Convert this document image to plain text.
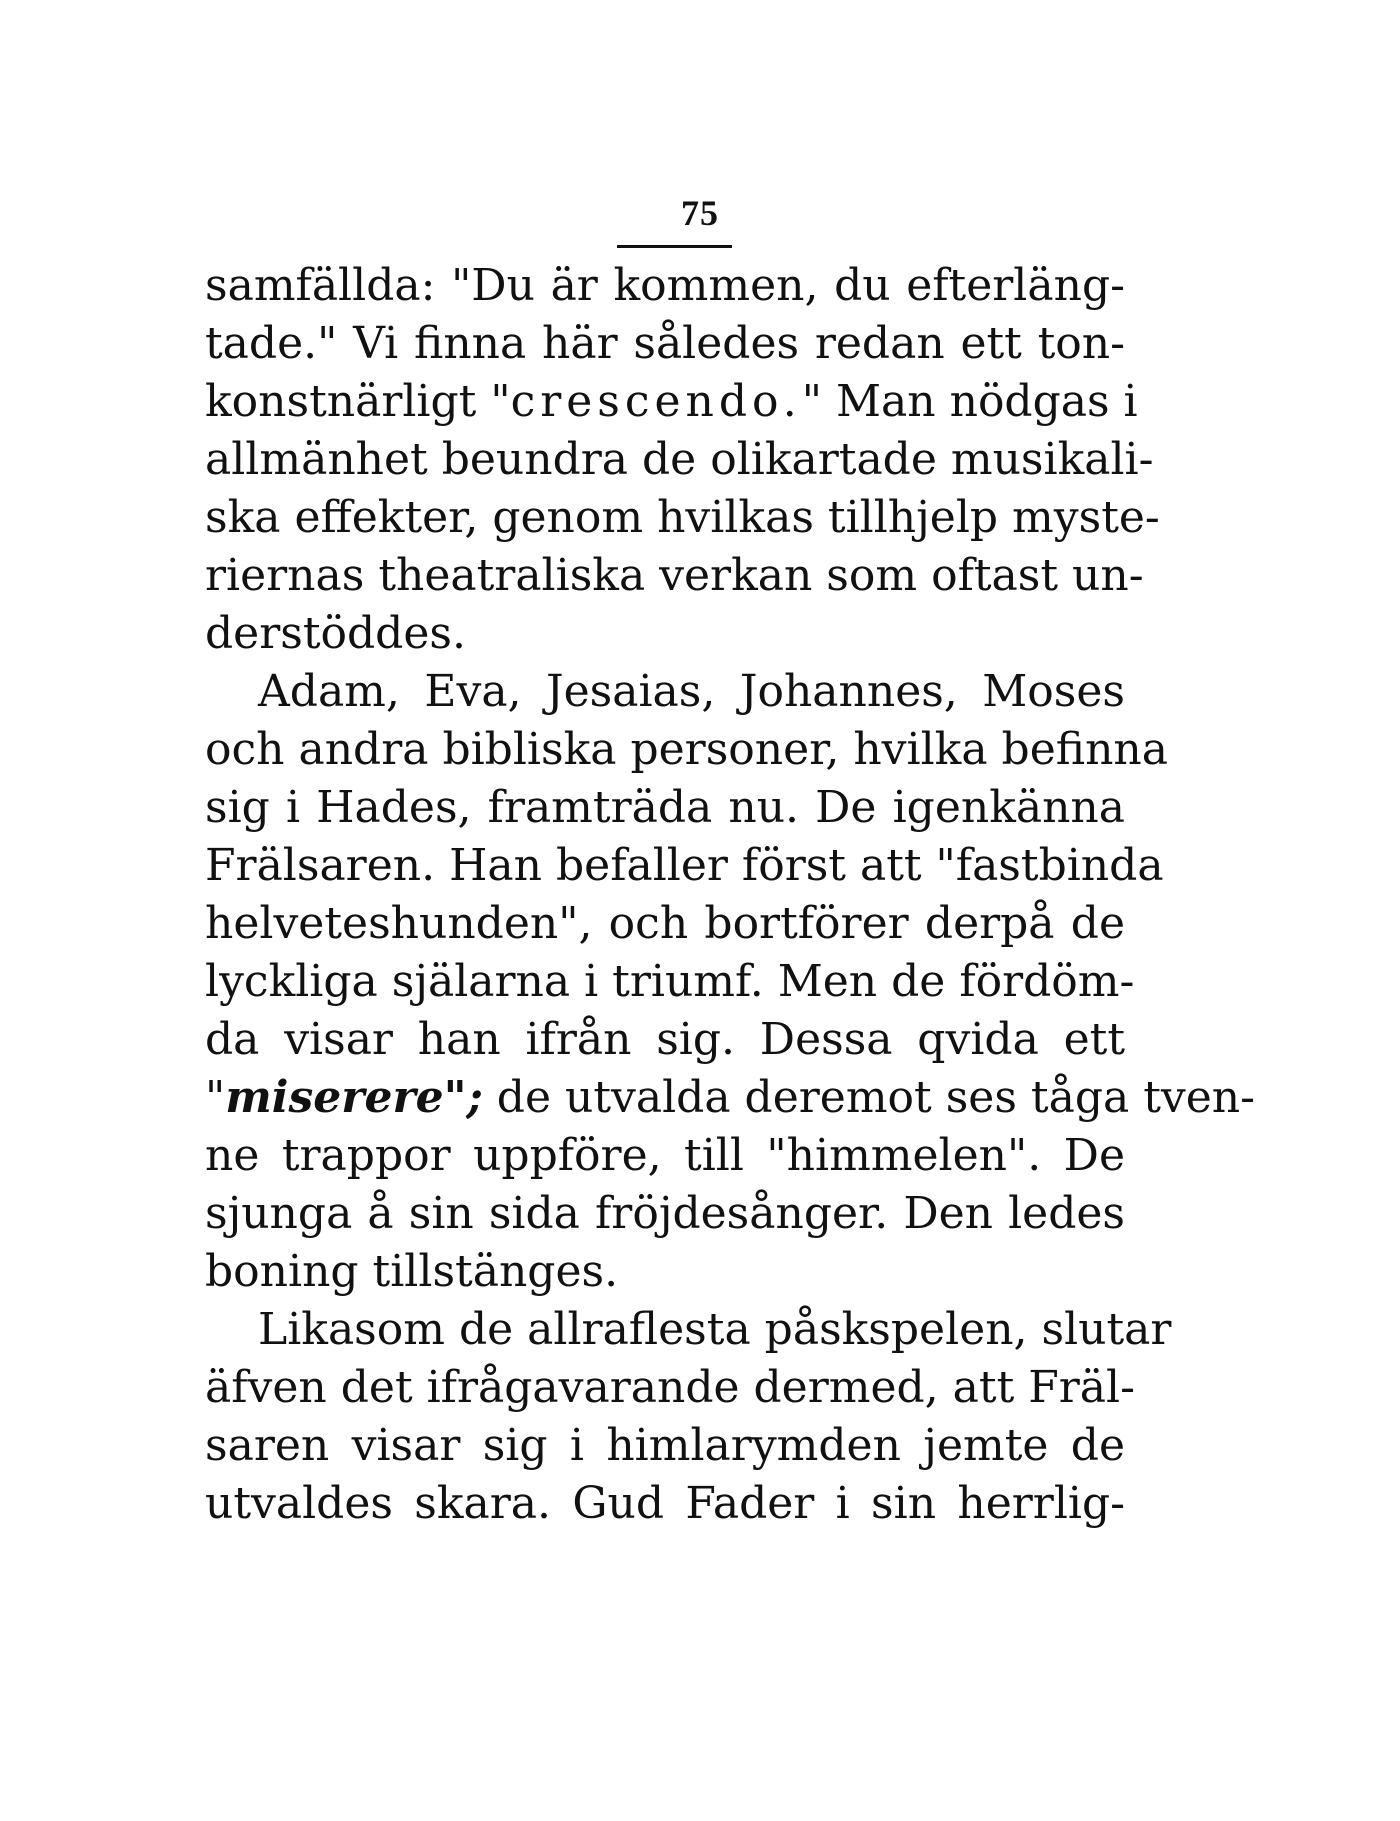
75
samfällda: "Du är kommen, du efterläng-
tade." Vi finna här således redan ett ton-
konstnärligt "crescendo." Man nödgas i
allmänhet beundra de olikartade musikali-
ska effekter, genom hvilkas tillhjelp myste-
riernas theatraliska verkan som oftast un-
derstöddes.
Adam, Eva, Jesaias, Johannes, Moses
och andra bibliska personer, hvilka befinna
sig i Hades, framträda nu. De igenkänna
Frälsaren. Han befaller först att "fastbinda
helveteshunden", och bortförer derpå de
lyckliga själarna i triumf. Men de fördöm-
da visar han ifrån sig. Dessa qvida ett
"miserere"; de utvalda deremot ses tåga tven-
ne trappor uppföre, till "himmelen". De
sjunga å sin sida fröjdesånger. Den ledes
boning tillstänges.
Likasom de allraflesta påskspelen, slutar
äfven det ifrågavarande dermed, att Fräl-
saren visar sig i himlarymden jemte de
utvaldes skara. Gud Fader i sin herrlig-
